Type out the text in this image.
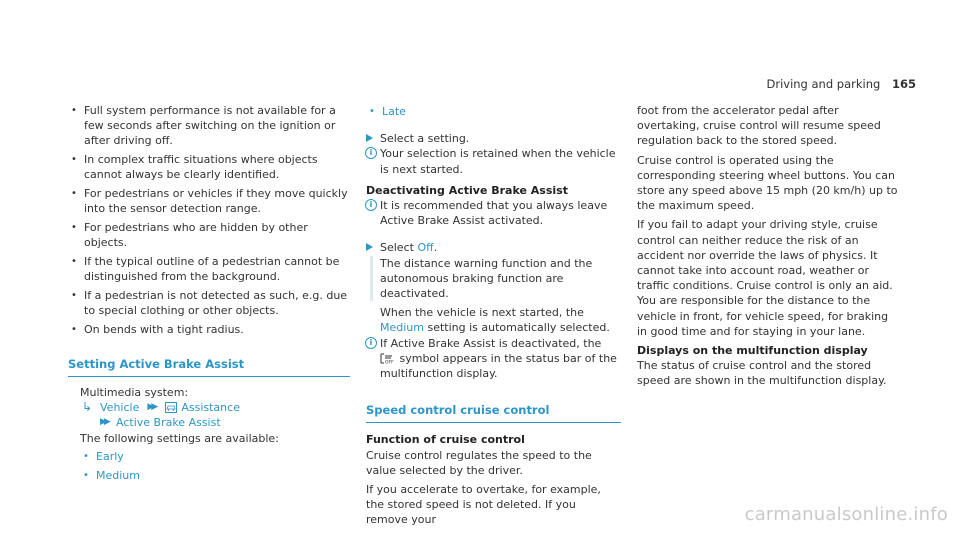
Driving and parking 165
• Full system performance is not available for a few seconds after switching on the ignition or after driving off.
• In complex traffic situations where objects cannot always be clearly identified.
• For pedestrians or vehicles if they move quickly into the sensor detection range.
• For pedestrians who are hidden by other objects.
• If the typical outline of a pedestrian cannot be distinguished from the background.
• If a pedestrian is not detected as such, e.g. due to special clothing or other objects.
• On bends with a tight radius.

Setting Active Brake Assist

Multimedia system:

↳ Vehicle ▶▶	Assistance
▶▶ Active Brake Assist

The following settings are available:

• Early
• Medium
• Late
Select a setting.
i Your selection is retained when the vehicle is next started.

Deactivating Active Brake Assist

i It is recommended that you always leave Active Brake Assist activated.

Select Off.

The distance warning function and the autonomous braking function are deactivated.

When the vehicle is next started, the Medium setting is automatically selected.

i If Active Brake Assist is deactivated, the

OFF symbol appears in the status bar of the multifunction display.

Speed control cruise control

Function of cruise control

Cruise control regulates the speed to the value selected by the driver.

If you accelerate to overtake, for example, the stored speed is not deleted. If you remove your

foot from the accelerator pedal after overtaking, cruise control will resume speed regulation back to the stored speed.

Cruise control is operated using the corresponding steering wheel buttons. You can store any speed above 15 mph (20 km/h) up to the maximum speed.

If you fail to adapt your driving style, cruise control can neither reduce the risk of an accident nor override the laws of physics. It cannot take into account road, weather or traffic conditions. Cruise control is only an aid. You are responsible for the distance to the vehicle in front, for vehicle speed, for braking in good time and for staying in your lane.

Displays on the multifunction display

The status of cruise control and the stored speed are shown in the multifunction display.

carmanualsonline.info
